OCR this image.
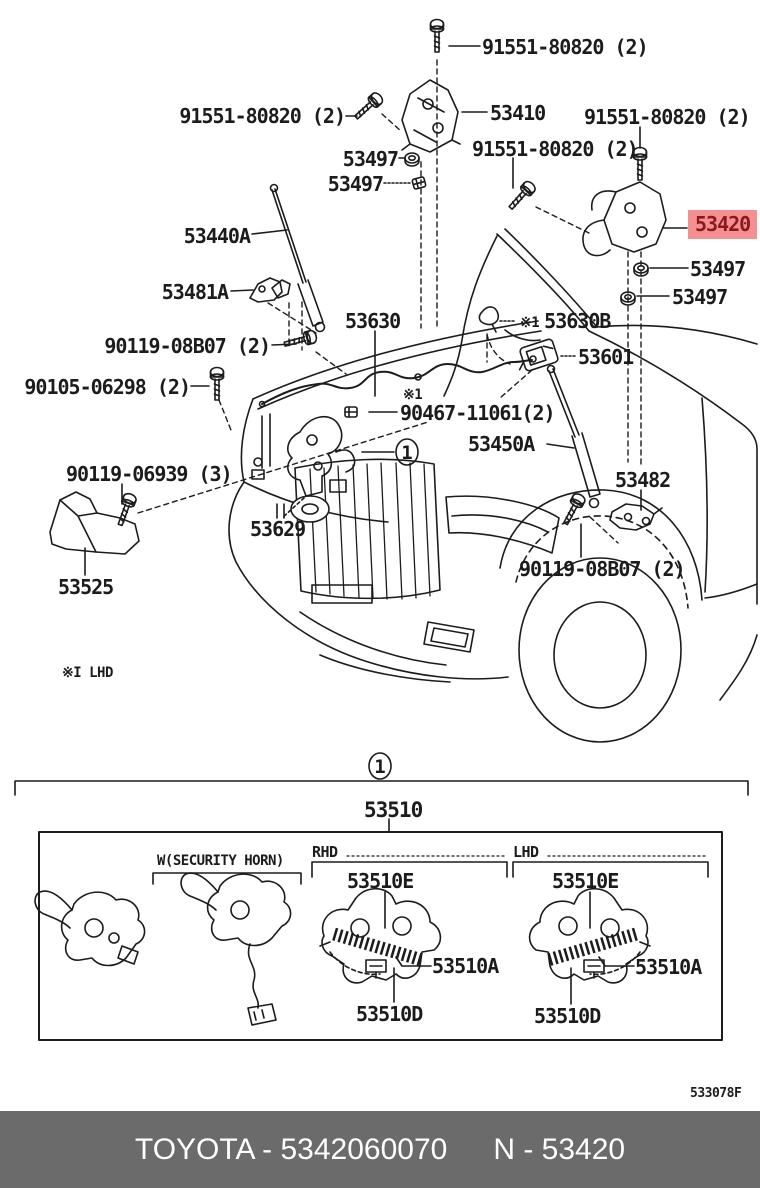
1
1
91551-80820 (2)
91551-80820 (2)	53410 91551-80820 (2)
91551-80820 (2)
53497
53497
53440A	53420
53497
53497
53481A
53630	※1 53630B
90119-08B07 (2)	53601
90105-06298 (2)	※1
90467-11061(2)
53450A
90119-06939 (3)	53482
53629
53525
90119-08B07 (2)
※I LHD
53510
W(SECURITY HORN) RHD	LHD
53510E	53510E
53510A	53510A
53510D	53510D
533078F
TOYOTA - 5342060070 N - 53420
